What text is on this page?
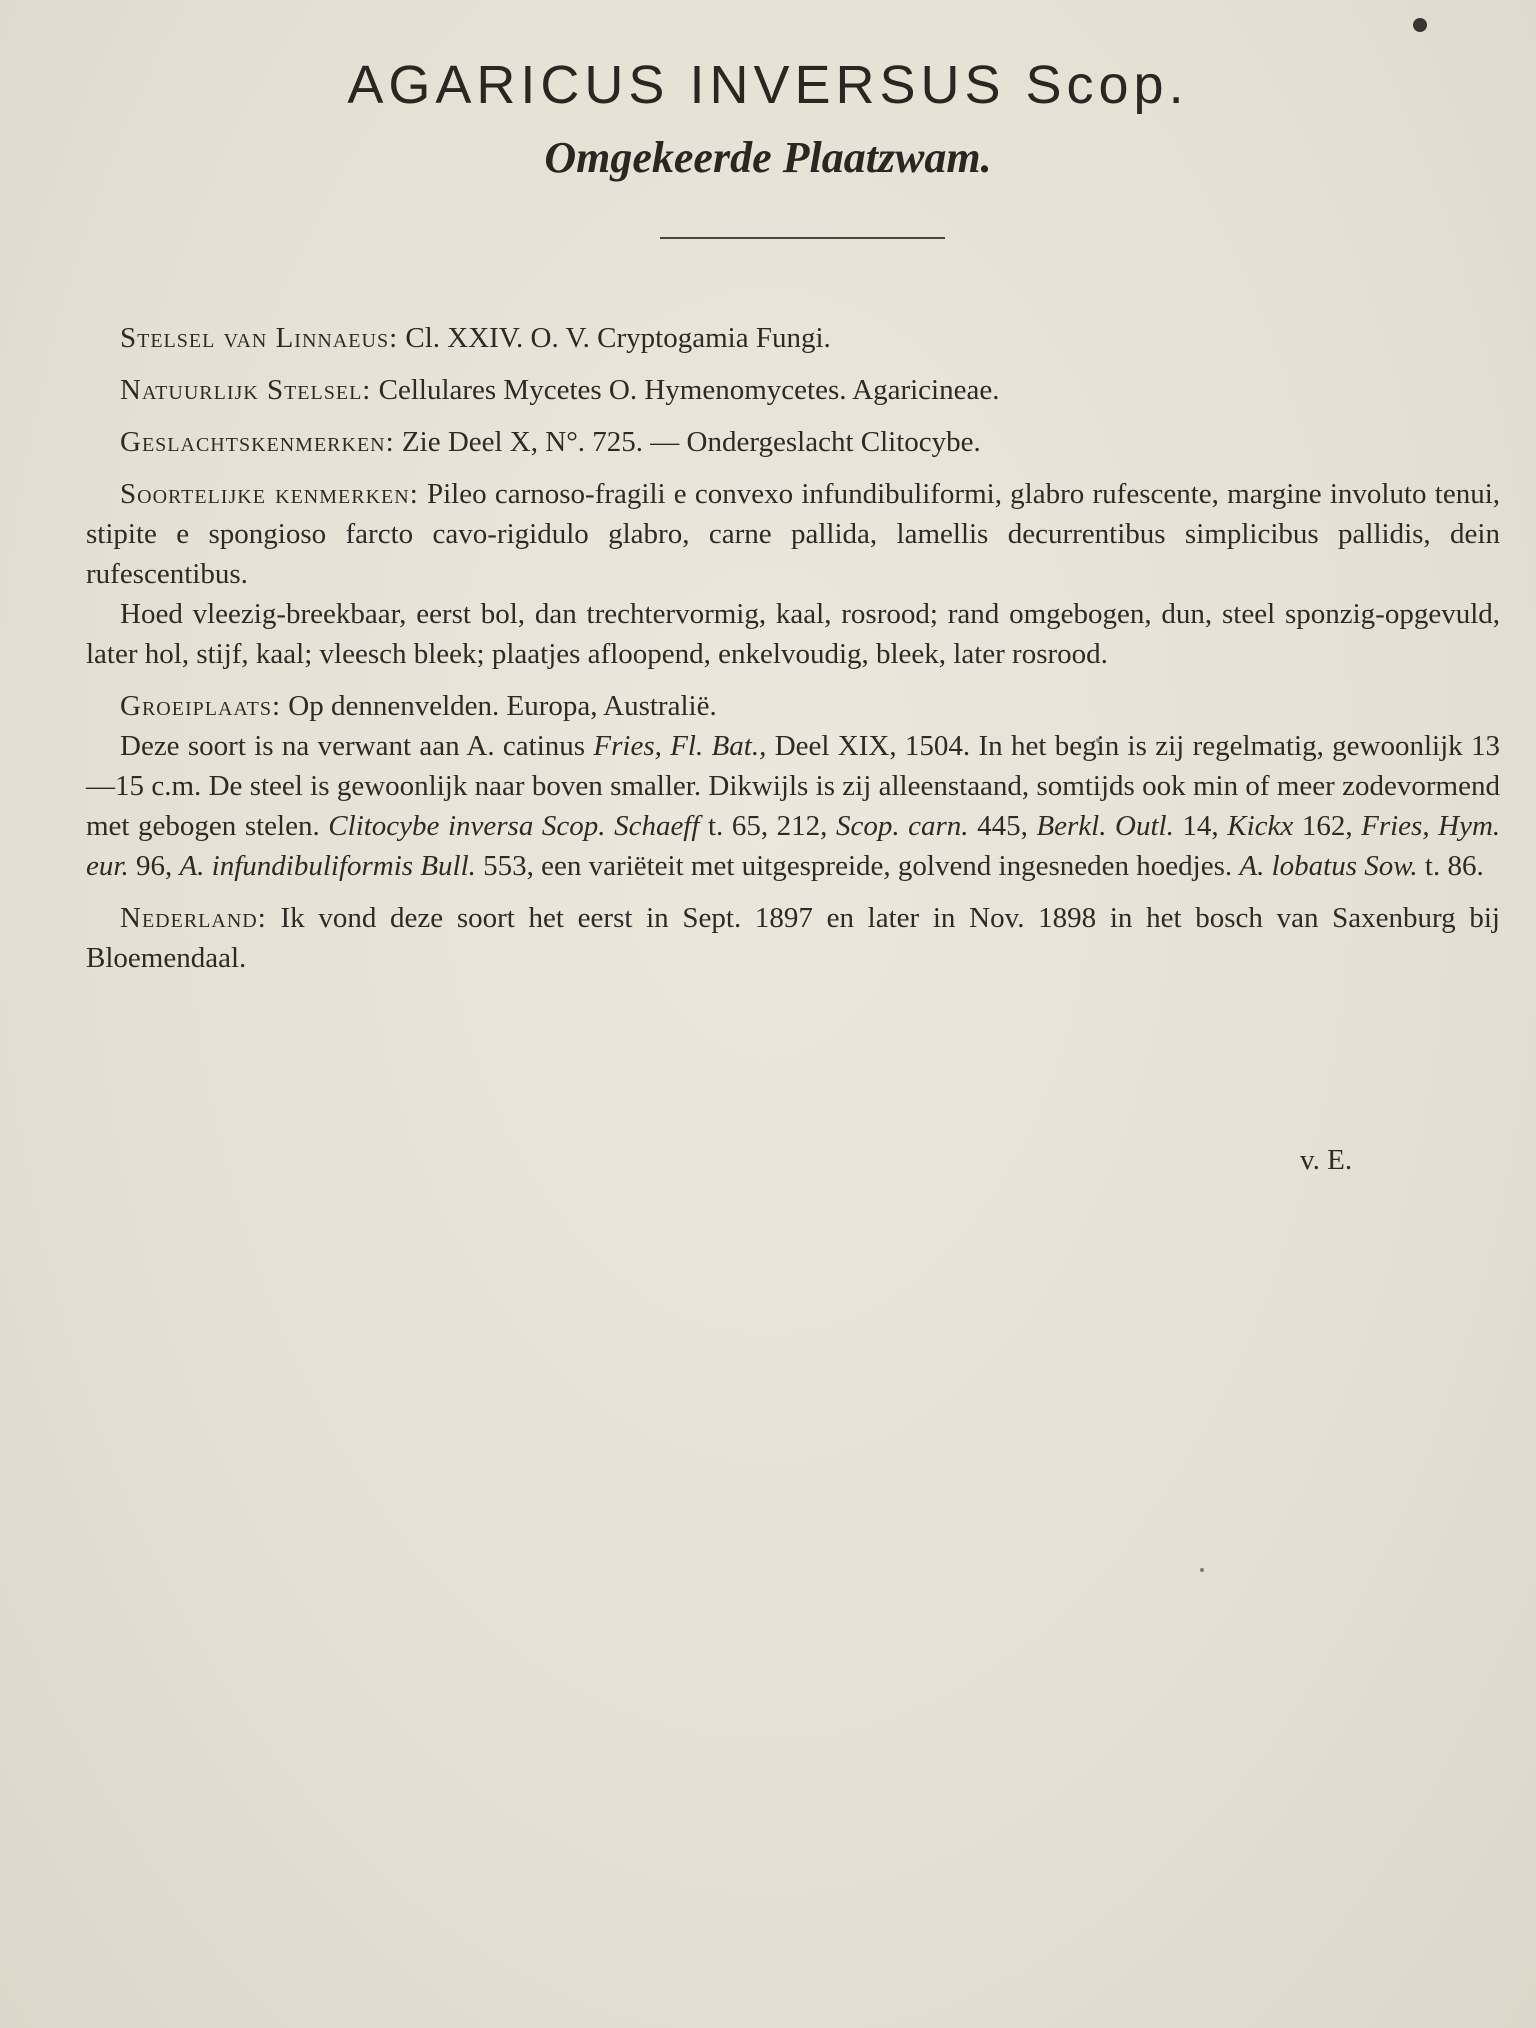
AGARICUS INVERSUS Scop.
Omgekeerde Plaatzwam.

Stelsel van Linnaeus: Cl. XXIV. O. V. Cryptogamia Fungi.

Natuurlijk Stelsel: Cellulares Mycetes O. Hymenomycetes. Agaricineae.

Geslachtskenmerken: Zie Deel X, N°. 725. — Ondergeslacht Clitocybe.

Soortelijke kenmerken: Pileo carnoso-fragili e convexo infundibuliformi, glabro rufescente, margine involuto tenui, stipite e spongioso farcto cavo-rigidulo glabro, carne pallida, lamellis decurrentibus simplicibus pallidis, dein rufescentibus.

Hoed vleezig-breekbaar, eerst bol, dan trechtervormig, kaal, rosrood; rand omgebogen, dun, steel sponzig-opgevuld, later hol, stijf, kaal; vleesch bleek; plaatjes afloopend, enkelvoudig, bleek, later rosrood.

Groeiplaats: Op dennenvelden. Europa, Australië.

Deze soort is na verwant aan A. catinus Fries, Fl. Bat., Deel XIX, 1504. In het begin is zij regelmatig, gewoonlijk 13—15 c.m. De steel is gewoonlijk naar boven smaller. Dikwijls is zij alleenstaand, somtijds ook min of meer zodevormend met gebogen stelen. Clitocybe inversa Scop. Schaeff t. 65, 212, Scop. carn. 445, Berkl. Outl. 14, Kickx 162, Fries, Hym. eur. 96, A. infundibuliformis Bull. 553, een variëteit met uitgespreide, golvend ingesneden hoedjes. A. lobatus Sow. t. 86.

Nederland: Ik vond deze soort het eerst in Sept. 1897 en later in Nov. 1898 in het bosch van Saxenburg bij Bloemendaal.

v. E.
